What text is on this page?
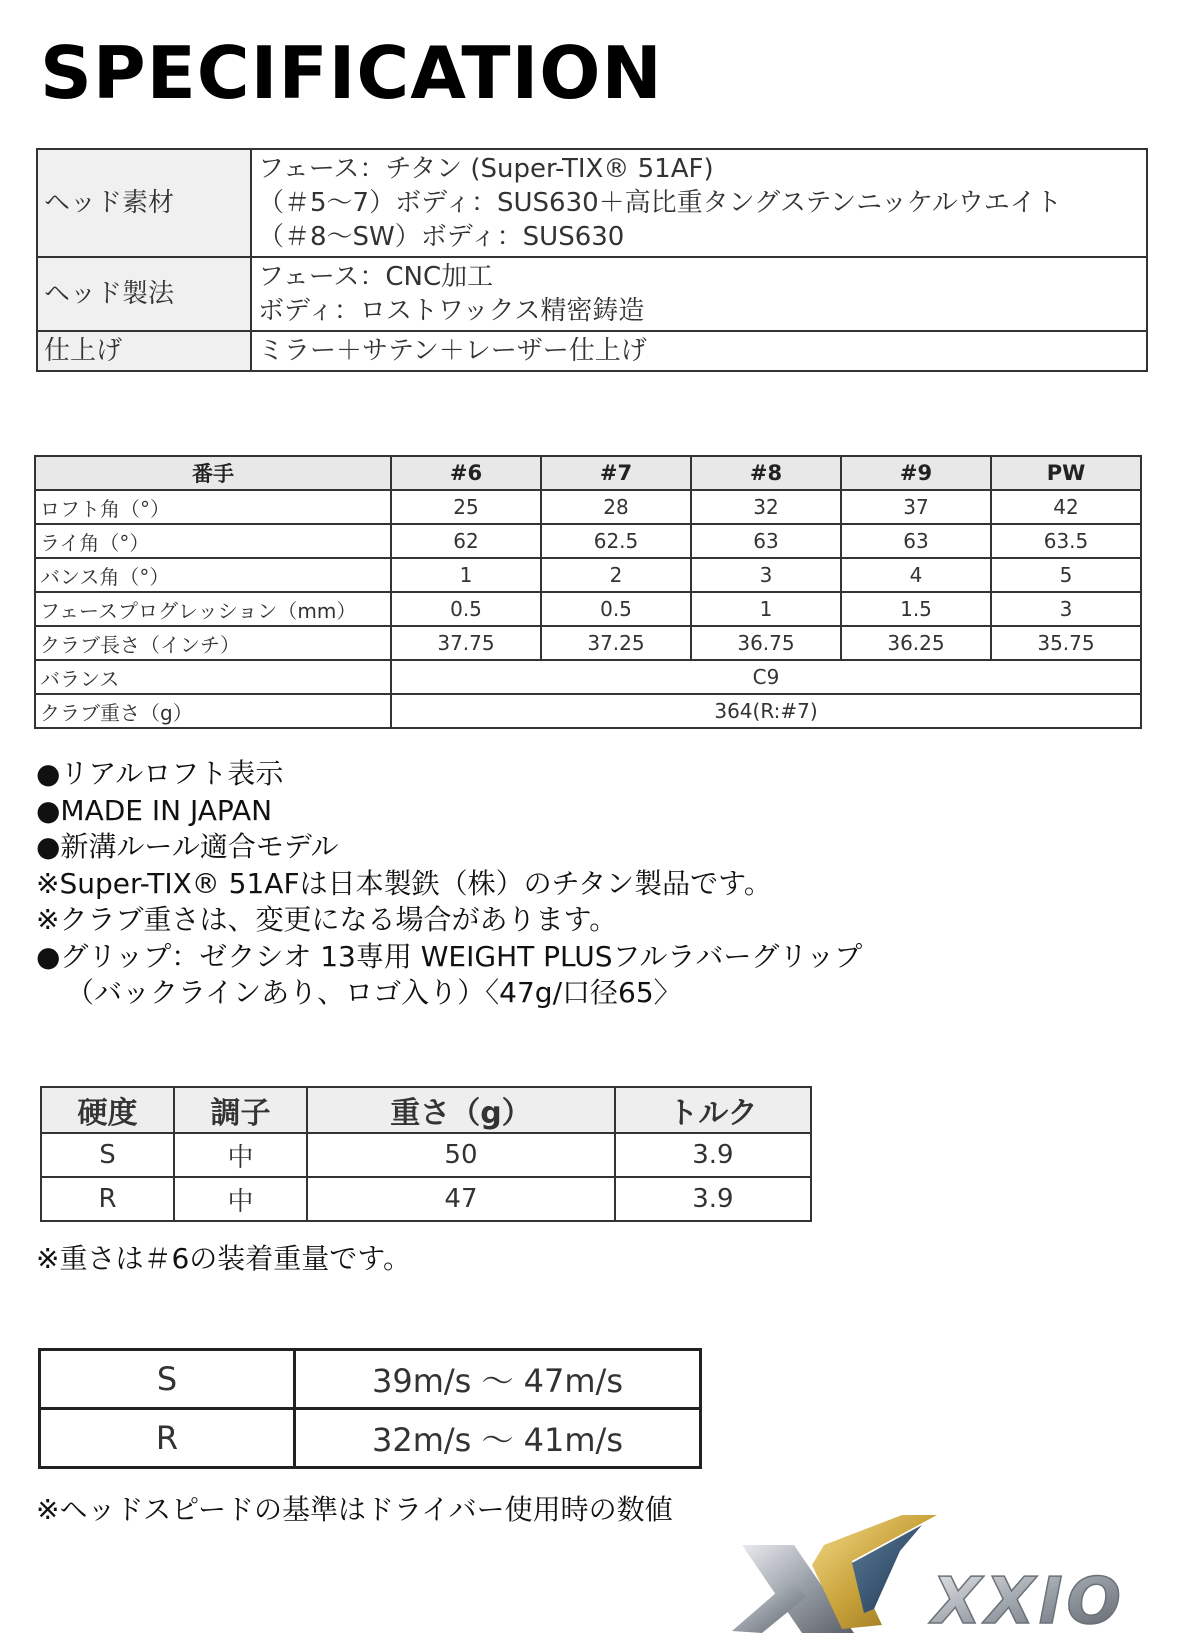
SPECIFICATION
ヘッド素材	フェース：チタン (Super-TIX® 51AF)
（＃5～7）ボディ：SUS630＋高比重タングステンニッケルウエイト
（＃8～SW）ボディ：SUS630

ヘッド製法	フェース：CNC加工
ボディ：ロストワックス精密鋳造

仕上げ	ミラー＋サテン＋レーザー仕上げ
番手	#6	#7	#8	#9	PW
ロフト角（°）	25	28	32	37	42
ライ角（°）	62	62.5	63	63	63.5
バンス角（°）	1	2	3	4	5
フェースプログレッション（mm）	0.5	0.5	1	1.5	3
クラブ長さ（インチ）	37.75	37.25	36.75	36.25	35.75
バランス	C9				
クラブ重さ（g）	364(R:#7)				
●リアルロフト表示
●MADE IN JAPAN
●新溝ルール適合モデル
※Super-TIX® 51AFは日本製鉄（株）のチタン製品です。
※クラブ重さは、変更になる場合があります。
●グリップ：ゼクシオ 13専用 WEIGHT PLUSフルラバーグリップ
（バックラインあり、ロゴ入り）〈47g/口径65〉
硬度	調子	重さ（g）	トルク
S	中	50	3.9
R	中	47	3.9
※重さは＃6の装着重量です。
S	39m/s ～ 47m/s
R	32m/s ～ 41m/s
※ヘッドスピードの基準はドライバー使用時の数値
XXIO
